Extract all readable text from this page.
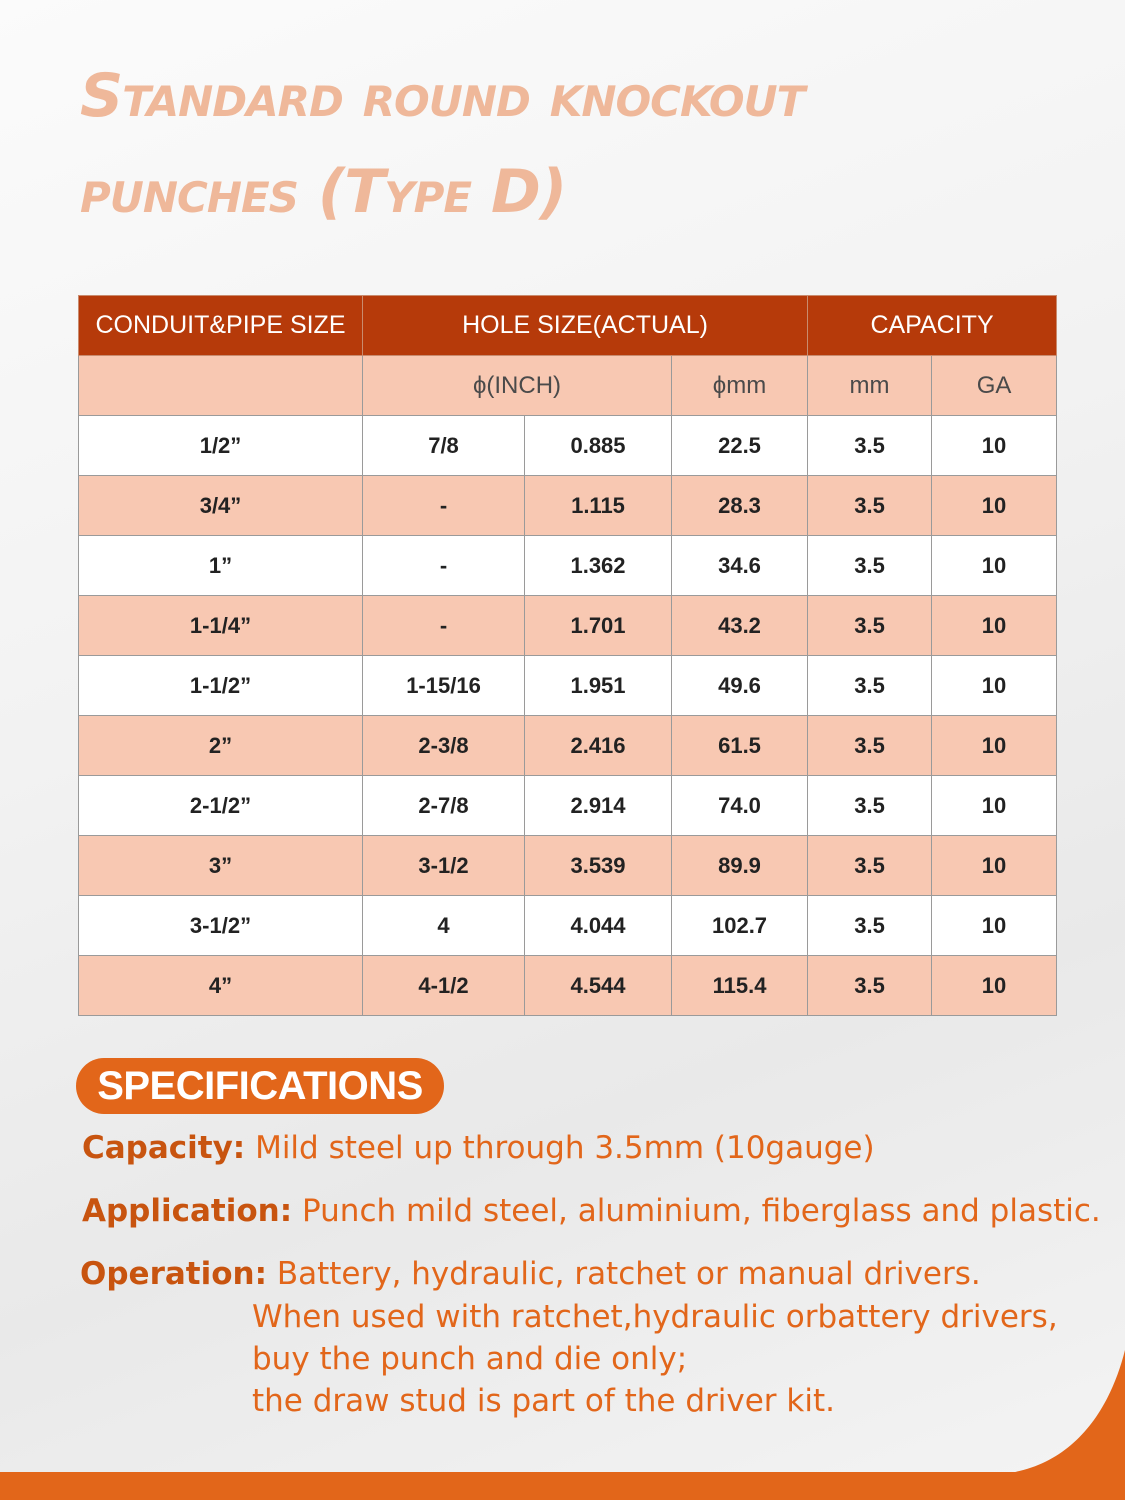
Standard round knockout
punches (Type D)
CONDUIT&PIPE SIZE	HOLE SIZE(ACTUAL)			CAPACITY	
	ϕ(INCH)		ϕmm	mm	GA
1/2”	7/8	0.885	22.5	3.5	10
3/4”	-	1.115	28.3	3.5	10
1”	-	1.362	34.6	3.5	10
1-1/4”	-	1.701	43.2	3.5	10
1-1/2”	1-15/16	1.951	49.6	3.5	10
2”	2-3/8	2.416	61.5	3.5	10
2-1/2”	2-7/8	2.914	74.0	3.5	10
3”	3-1/2	3.539	89.9	3.5	10
3-1/2”	4	4.044	102.7	3.5	10
4”	4-1/2	4.544	115.4	3.5	10
SPECIFICATIONS
Capacity: Mild steel up through 3.5mm (10gauge)
Application: Punch mild steel, aluminium, fiberglass and plastic.
Operation: Battery, hydraulic, ratchet or manual drivers.
When used with ratchet,hydraulic orbattery drivers,
buy the punch and die only;
the draw stud is part of the driver kit.
